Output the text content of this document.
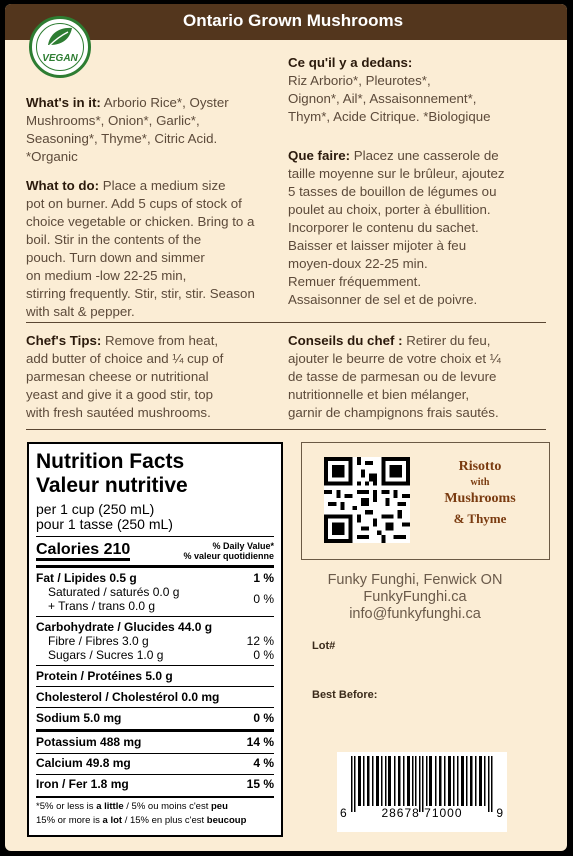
Ontario Grown Mushrooms
VEGAN
What's in it: Arborio Rice*, Oyster
Mushrooms*, Onion*, Garlic*,
Seasoning*, Thyme*, Citric Acid.
*Organic
What to do: Place a medium size
pot on burner. Add 5 cups of stock of
choice vegetable or chicken. Bring to a
boil. Stir in the contents of the
pouch. Turn down and simmer
on medium -low 22-25 min,
stirring frequently. Stir, stir, stir. Season
with salt & pepper.
Ce qu'il y a dedans:
Riz Arborio*, Pleurotes*,
Oignon*, Ail*, Assaisonnement*,
Thym*, Acide Citrique. *Biologique
Que faire: Placez une casserole de
taille moyenne sur le brûleur, ajoutez
5 tasses de bouillon de légumes ou
poulet au choix, porter à ébullition.
Incorporer le contenu du sachet.
Baisser et laisser mijoter à feu
moyen-doux 22-25 min.
Remuer fréquemment.
Assaisonner de sel et de poivre.
Chef's Tips: Remove from heat,
add butter of choice and ¼ cup of
parmesan cheese or nutritional
yeast and give it a good stir, top
with fresh sautéed mushrooms.
Conseils du chef : Retirer du feu,
ajouter le beurre de votre choix et ¼
de tasse de parmesan ou de levure
nutritionnelle et bien mélanger,
garnir de champignons frais sautés.
Nutrition Facts
Valeur nutritive
per 1 cup (250 mL)
pour 1 tasse (250 mL)
Calories 210	% Daily Value*
% valeur quotidienne
Fat / Lipides 0.5 g	1 %
Saturated / saturés 0.0 g
+ Trans / trans 0.0 g	0 %
Carbohydrate / Glucides 44.0 g
Fibre / Fibres 3.0 g	12 %
Sugars / Sucres 1.0 g	0 %
Protein / Protéines 5.0 g
Cholesterol / Cholestérol 0.0 mg
Sodium 5.0 mg	0 %
Potassium 488 mg	14 %
Calcium 49.8 mg	4 %
Iron / Fer 1.8 mg	15 %
*5% or less is a little / 5% ou moins c'est peu
15% or more is a lot / 15% en plus c'est beucoup
Risotto
with
Mushrooms
& Thyme
Funky Funghi, Fenwick ON
FunkyFunghi.ca
info@funkyfunghi.ca
Lot#
Best Before:
6	28678 71000	9
